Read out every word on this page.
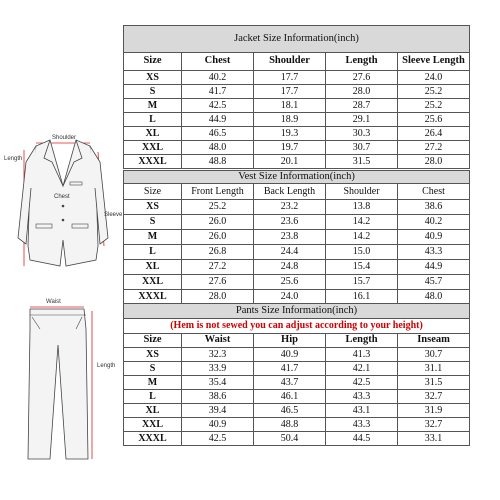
Shoulder
Length
Chest
Sleeve
Waist
Length
Jacket Size Information(inch)				
Size	Chest	Shoulder	Length	Sleeve Length
XS	40.2	17.7	27.6	24.0
S	41.7	17.7	28.0	25.2
M	42.5	18.1	28.7	25.2
L	44.9	18.9	29.1	25.6
XL	46.5	19.3	30.3	26.4
XXL	48.0	19.7	30.7	27.2
XXXL	48.8	20.1	31.5	28.0
Vest Size Information(inch)				
Size	Front Length	Back Length	Shoulder	Chest
XS	25.2	23.2	13.8	38.6
S	26.0	23.6	14.2	40.2
M	26.0	23.8	14.2	40.9
L	26.8	24.4	15.0	43.3
XL	27.2	24.8	15.4	44.9
XXL	27.6	25.6	15.7	45.7
XXXL	28.0	24.0	16.1	48.0
Pants Size Information(inch)				
(Hem is not sewed you can adjust according to your height)				
Size	Waist	Hip	Length	Inseam
XS	32.3	40.9	41.3	30.7
S	33.9	41.7	42.1	31.1
M	35.4	43.7	42.5	31.5
L	38.6	46.1	43.3	32.7
XL	39.4	46.5	43.1	31.9
XXL	40.9	48.8	43.3	32.7
XXXL	42.5	50.4	44.5	33.1
